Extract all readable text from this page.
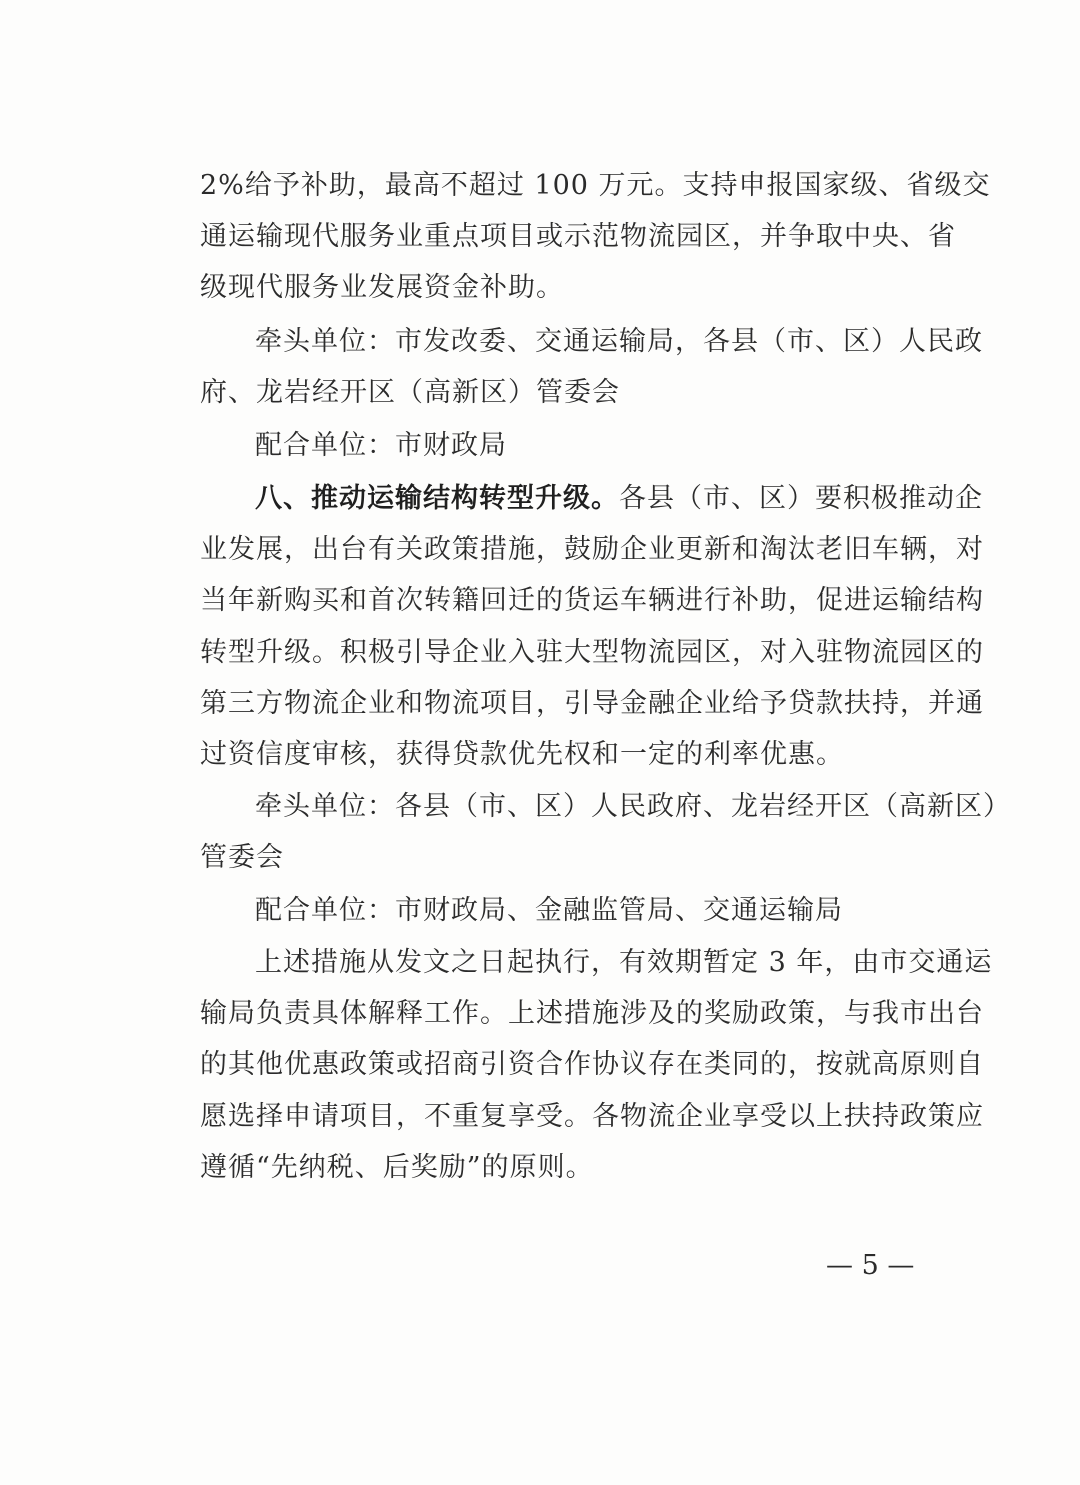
2%给予补助，最高不超过 100 万元。支持申报国家级、省级交
通运输现代服务业重点项目或示范物流园区，并争取中央、省
级现代服务业发展资金补助。
牵头单位：市发改委、交通运输局，各县（市、区）人民政
府、龙岩经开区（高新区）管委会
配合单位：市财政局
八、推动运输结构转型升级。各县（市、区）要积极推动企
业发展，出台有关政策措施，鼓励企业更新和淘汰老旧车辆，对
当年新购买和首次转籍回迁的货运车辆进行补助，促进运输结构
转型升级。积极引导企业入驻大型物流园区，对入驻物流园区的
第三方物流企业和物流项目，引导金融企业给予贷款扶持，并通
过资信度审核，获得贷款优先权和一定的利率优惠。
牵头单位：各县（市、区）人民政府、龙岩经开区（高新区）
管委会
配合单位：市财政局、金融监管局、交通运输局
上述措施从发文之日起执行，有效期暂定 3 年，由市交通运
输局负责具体解释工作。上述措施涉及的奖励政策，与我市出台
的其他优惠政策或招商引资合作协议存在类同的，按就高原则自
愿选择申请项目，不重复享受。各物流企业享受以上扶持政策应
遵循“先纳税、后奖励”的原则。
— 5 —
